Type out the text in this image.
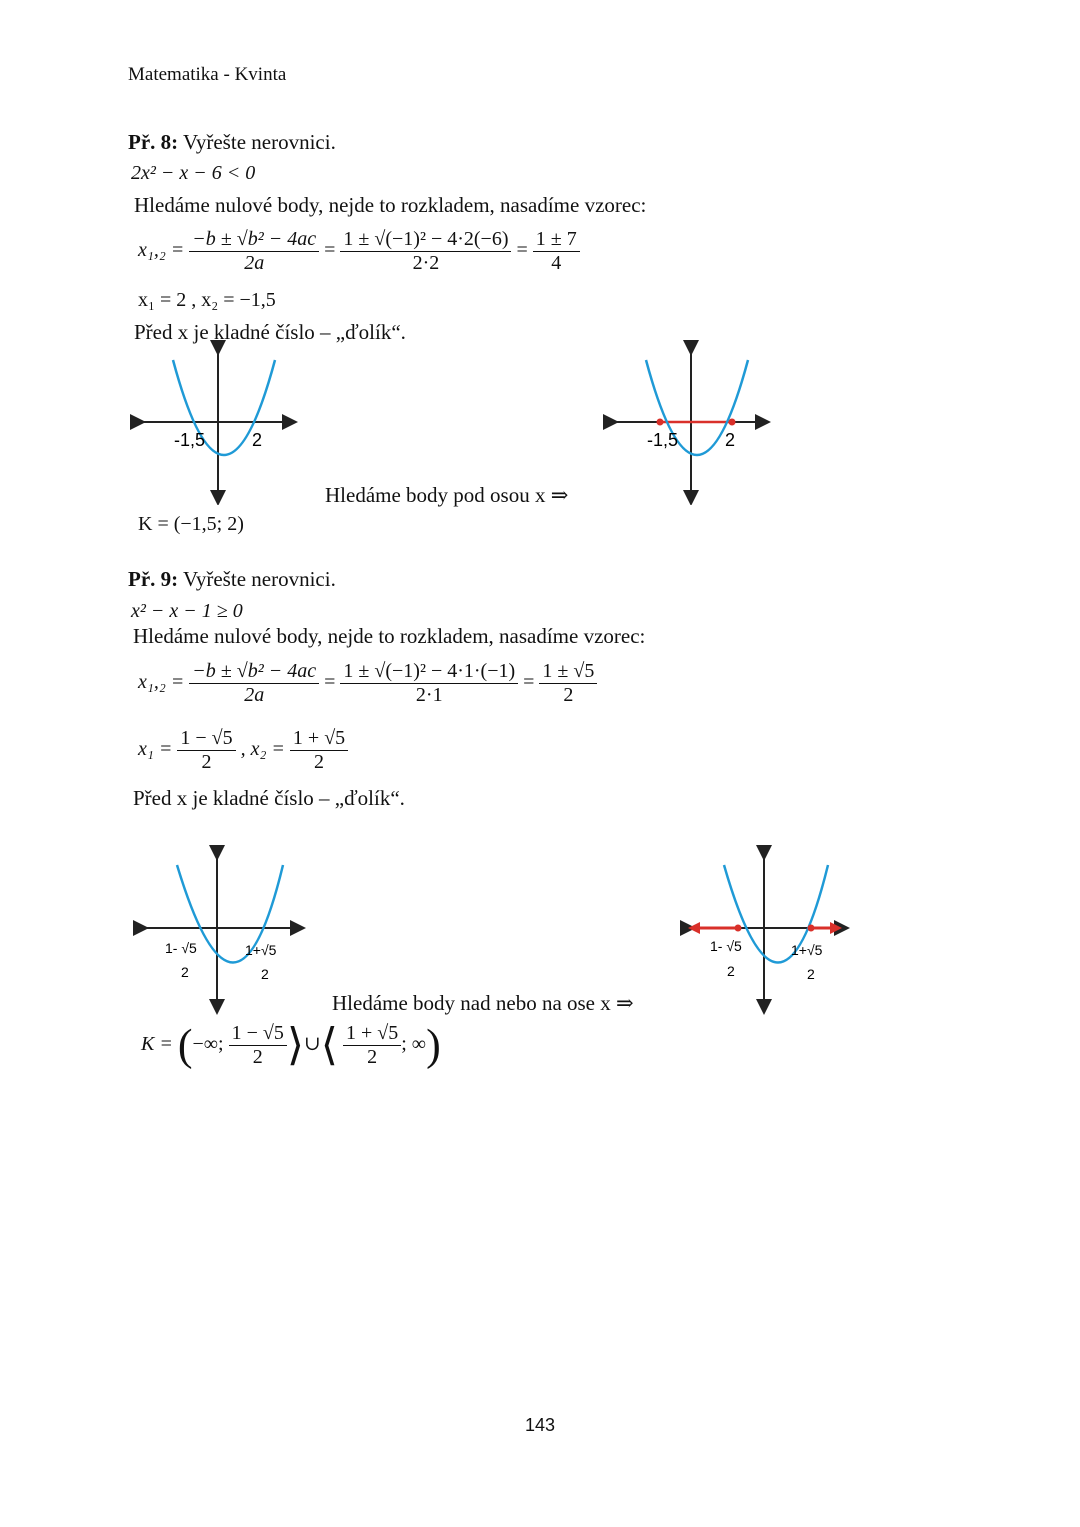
Matematika - Kvinta
Př. 8: Vyřešte nerovnici.
2x² − x − 6 < 0
Hledáme nulové body, nejde to rozkladem, nasadíme vzorec:
$x_1,_2 = \frac{\text{−b ± √b² − 4ac}}{2a} = \frac{\text{1 ± √(−1)² − 4·2(−6)}}{2\cdot 2} = \frac{1 \pm 7}{4}$
x₁ = 2 , x₂ = −1,5
Před x je kladné číslo – „ďolík“.
-1,5	2	-1,5	2
Hledáme body pod osou x ⇒
K = (−1,5; 2)
Př. 9: Vyřešte nerovnici.
x² − x − 1 ≥ 0
Hledáme nulové body, nejde to rozkladem, nasadíme vzorec:
$x_1,_2 = \frac{\text{−b ± √b² − 4ac}}{2a} = \frac{\text{1 ± √(−1)² − 4·1·(−1)}}{2\cdot 1} = \frac{1 \pm √5}{2}$
$x_1 = \frac{1 - √5}{2}$ , $x_2 = \frac{1 + √5}{2}$
Před x je kladné číslo – „ďolík“.
1- √5
2
1+√5
2
1- √5
2
1+√5
2
Hledáme body nad nebo na ose x ⇒
K = (−∞; $\frac{1 - √5}{2}$ ⟩∪⟨ $\frac{1 + √5}{2}$ ; ∞)
143
